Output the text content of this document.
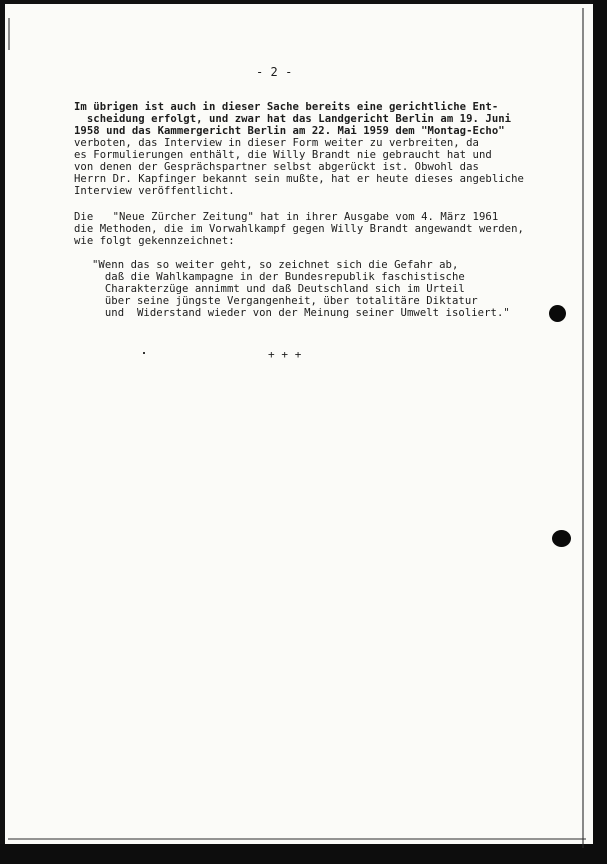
- 2 -
Im übrigen ist auch in dieser Sache bereits eine gerichtliche Ent-
scheidung erfolgt, und zwar hat das Landgericht Berlin am 19. Juni
1958 und das Kammergericht Berlin am 22. Mai 1959 dem "Montag-Echo"
verboten, das Interview in dieser Form weiter zu verbreiten, da
es Formulierungen enthält, die Willy Brandt nie gebraucht hat und
von denen der Gesprächspartner selbst abgerückt ist. Obwohl das
Herrn Dr. Kapfinger bekannt sein mußte, hat er heute dieses angebliche
Interview veröffentlicht.
Die   "Neue Zürcher Zeitung" hat in ihrer Ausgabe vom 4. März 1961
die Methoden, die im Vorwahlkampf gegen Willy Brandt angewandt werden,
wie folgt gekennzeichnet:
"Wenn das so weiter geht, so zeichnet sich die Gefahr ab,
daß die Wahlkampagne in der Bundesrepublik faschistische
Charakterzüge annimmt und daß Deutschland sich im Urteil
über seine jüngste Vergangenheit, über totalitäre Diktatur
und  Widerstand wieder von der Meinung seiner Umwelt isoliert."
+ + +
